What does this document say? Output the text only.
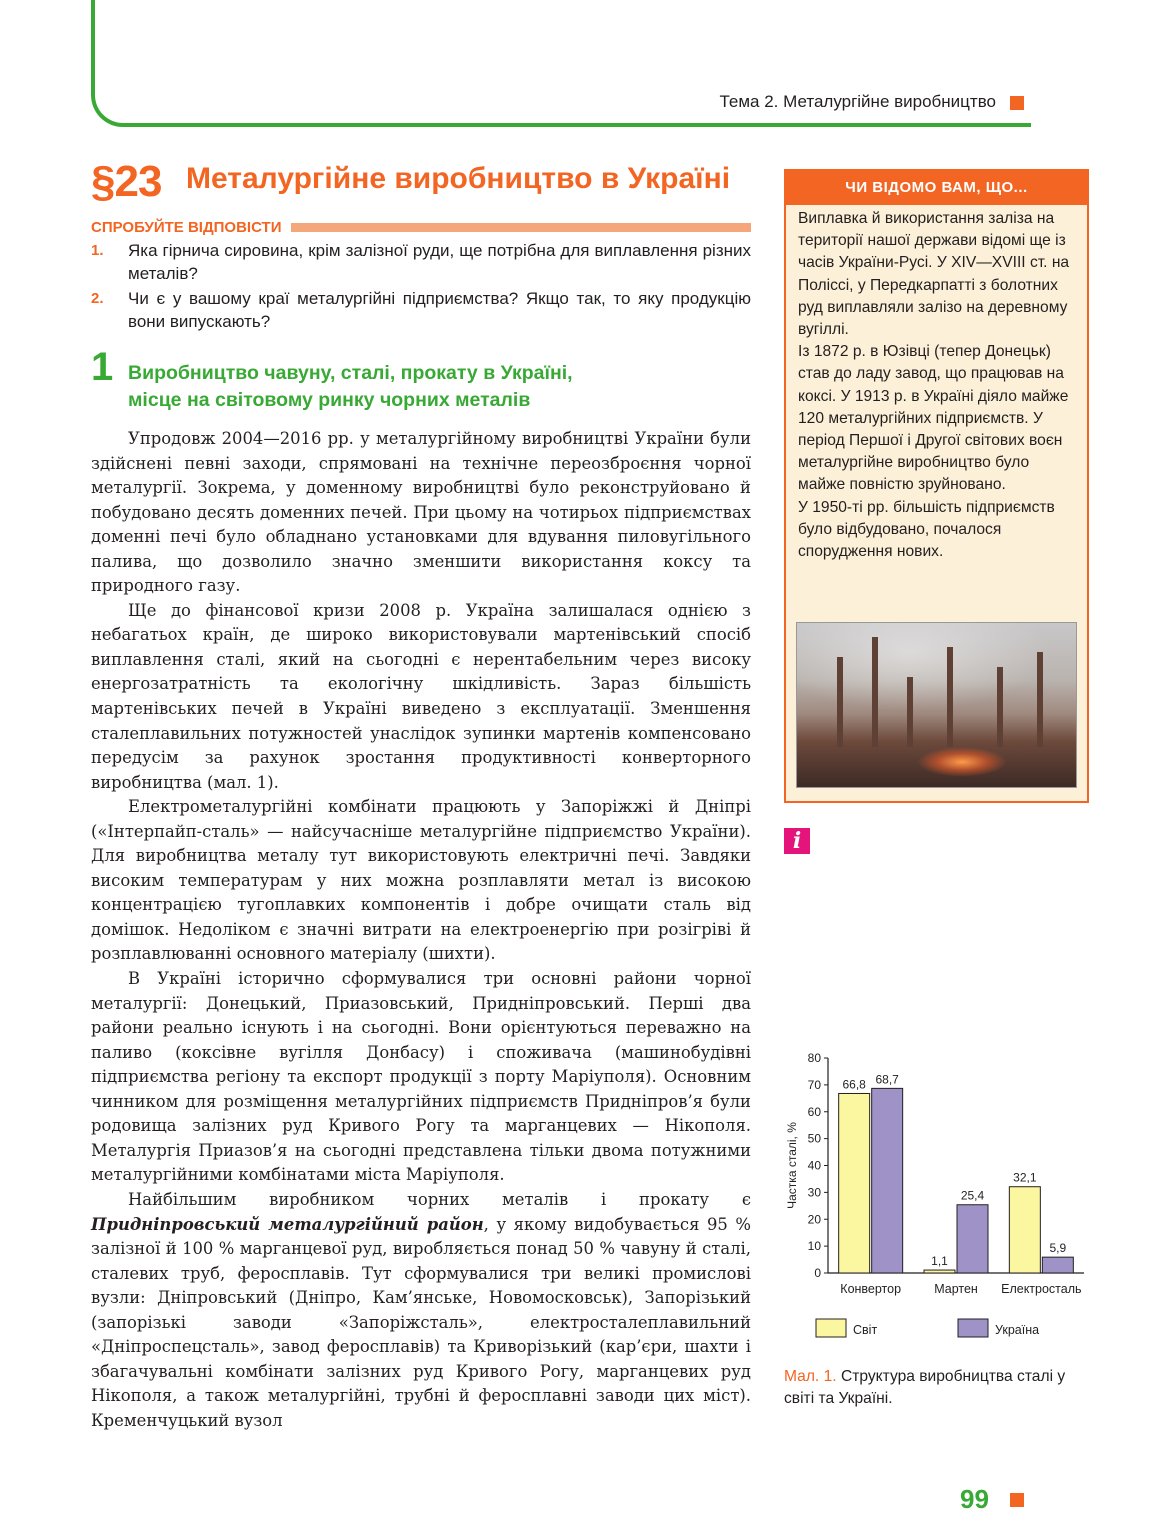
Тема 2. Металургійне виробництво
§23 Металургійне виробництво в Україні
СПРОБУЙТЕ ВІДПОВІСТИ
1. Яка гірнича сировина, крім залізної руди, ще потрібна для виплавлення різних металів?
2. Чи є у вашому краї металургійні підприємства? Якщо так, то яку продукцію вони випускають?
1 Виробництво чавуну, сталі, прокату в Україні,
місце на світовому ринку чорних металів

Упродовж 2004—2016 рр. у металургійному виробництві України були здійснені певні заходи, спрямовані на технічне переозброєння чорної металургії. Зокрема, у доменному виробництві було реконструйовано й побудовано десять доменних печей. При цьому на чотирьох підприємствах доменні печі було обладнано установками для вдування пиловугільного палива, що дозволило значно зменшити використання коксу та природного газу.

Ще до фінансової кризи 2008 р. Україна залишалася однією з небагатьох країн, де широко використовували мартенівський спосіб виплавлення сталі, який на сьогодні є нерентабельним через високу енергозатратність та екологічну шкідливість. Зараз більшість мартенівських печей в Україні виведено з експлуатації. Зменшення сталеплавильних потужностей унаслідок зупинки мартенів компенсовано передусім за рахунок зростання продуктивності конверторного виробництва (мал. 1).

Електрометалургійні комбінати працюють у Запоріжжі й Дніпрі («Інтерпайп-сталь» — найсучасніше металургійне підприємство України). Для виробництва металу тут використовують електричні печі. Завдяки високим температурам у них можна розплавляти метал із високою концентрацією тугоплавких компонентів і добре очищати сталь від домішок. Недоліком є значні витрати на електроенергію при розігріві й розплавлюванні основного матеріалу (шихти).

В Україні історично сформувалися три основні райони чорної металургії: Донецький, Приазовський, Придніпровський. Перші два райони реально існують і на сьогодні. Вони орієнтуються переважно на паливо (коксівне вугілля Донбасу) і споживача (машинобудівні підприємства регіону та експорт продукції з порту Маріуполя). Основним чинником для розміщення металургійних підприємств Придніпров’я були родовища залізних руд Кривого Рогу та марганцевих — Нікополя. Металургія Приазов’я на сьогодні представлена тільки двома потужними металургійними комбінатами міста Маріуполя.

Найбільшим виробником чорних металів і прокату є Придніпровський металургійний район, у якому видобувається 95 % залізної й 100 % марганцевої руд, виробляється понад 50 % чавуну й сталі, сталевих труб, феросплавів. Тут сформувалися три великі промислові вузли: Дніпровський (Дніпро, Кам’янське, Новомосковськ), Запорізький (запорізькі заводи «Запоріжсталь», електросталеплавильний «Дніпроспецсталь», завод феросплавів) та Криворізький (кар’єри, шахти і збагачувальні комбінати залізних руд Кривого Рогу, марганцевих руд Нікополя, а також металургійні, трубні й феросплавні заводи цих міст). Кременчуцький вузол

ЧИ ВІДОМО ВАМ, ЩО...
Виплавка й використання заліза на території нашої держави відомі ще із часів України-Русі. У XIV—XVIII ст. на Поліссі, у Передкарпатті з болотних руд виплавляли залізо на деревному вугіллі.
Із 1872 р. в Юзівці (тепер Донецьк) став до ладу завод, що працював на коксі. У 1913 р. в Україні діяло майже 120 металургійних підприємств. У період Першої і Другої світових воєн металургійне виробництво було майже повністю зруйновано.
У 1950-ті рр. більшість підприємств було відбудовано, почалося спорудження нових.
i
0
10
20
30
40
50
60
70
80
Частка сталі, %
66,8 68,7
Конвертор
1,1
25,4
Мартен
32,1
5,9
Електросталь
Світ	Україна
Мал. 1. Структура виробництва сталі у світі та Україні.
99
